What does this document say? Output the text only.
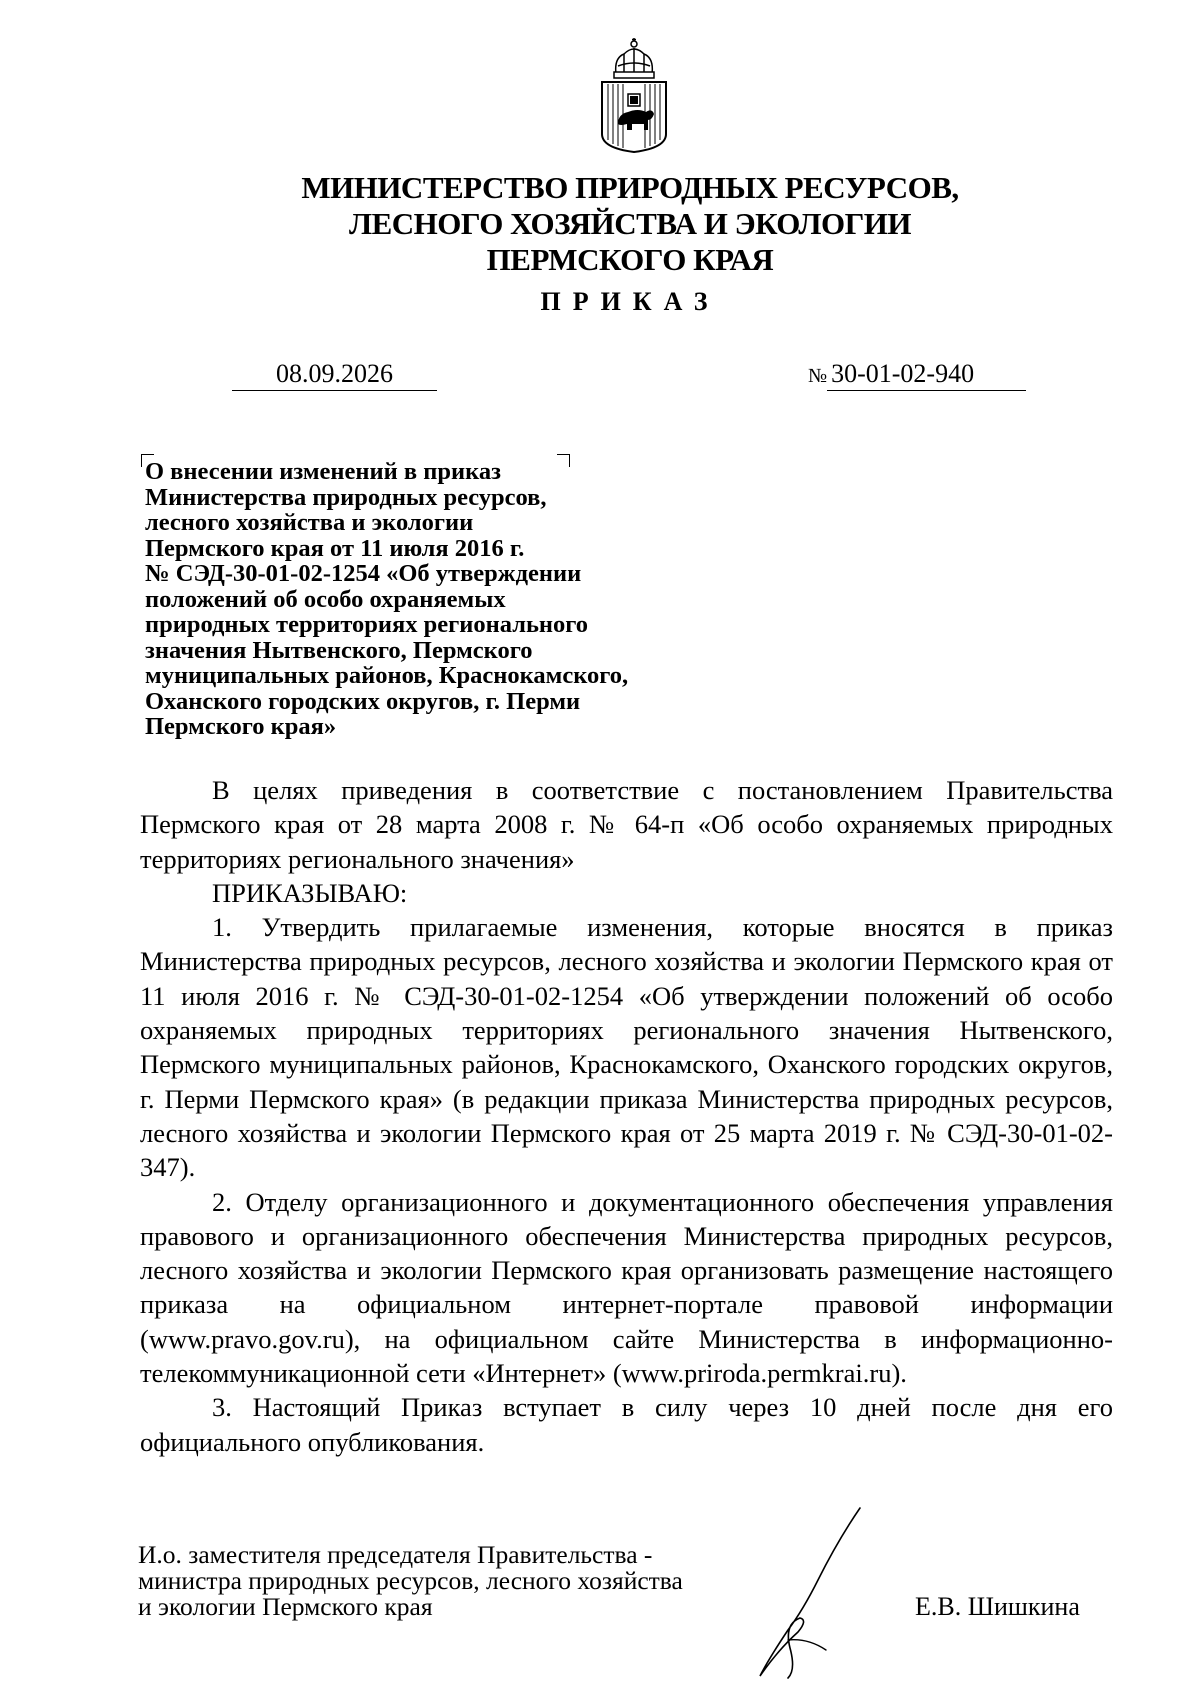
МИНИСТЕРСТВО ПРИРОДНЫХ РЕСУРСОВ,
ЛЕСНОГО ХОЗЯЙСТВА И ЭКОЛОГИИ
ПЕРМСКОГО КРАЯ
ПРИКАЗ
08.09.2026	№ 30-01-02-940
О внесении изменений в приказ
Министерства природных ресурсов,
лесного хозяйства и экологии
Пермского края от 11 июля 2016 г.
№ СЭД-30-01-02-1254 «Об утверждении
положений об особо охраняемых
природных территориях регионального
значения Нытвенского, Пермского
муниципальных районов, Краснокамского,
Оханского городских округов, г. Перми
Пермского края»

В целях приведения в соответствие с постановлением Правительства Пермского края от 28 марта 2008 г. № 64-п «Об особо охраняемых природных территориях регионального значения»

ПРИКАЗЫВАЮ:

1. Утвердить прилагаемые изменения, которые вносятся в приказ Министерства природных ресурсов, лесного хозяйства и экологии Пермского края от 11 июля 2016 г. № СЭД-30-01-02-1254 «Об утверждении положений об особо охраняемых природных территориях регионального значения Нытвенского, Пермского муниципальных районов, Краснокамского, Оханского городских округов, г. Перми Пермского края» (в редакции приказа Министерства природных ресурсов, лесного хозяйства и экологии Пермского края от 25 марта 2019 г. № СЭД-30-01-02-347).

2. Отделу организационного и документационного обеспечения управления правового и организационного обеспечения Министерства природных ресурсов, лесного хозяйства и экологии Пермского края организовать размещение настоящего приказа на официальном интернет-портале правовой информации (www.pravo.gov.ru), на официальном сайте Министерства в информационно-телекоммуникационной сети «Интернет» (www.priroda.permkrai.ru).

3. Настоящий Приказ вступает в силу через 10 дней после дня его официального опубликования.

И.о. заместителя председателя Правительства -
министра природных ресурсов, лесного хозяйства
и экологии Пермского края	Е.В. Шишкина
